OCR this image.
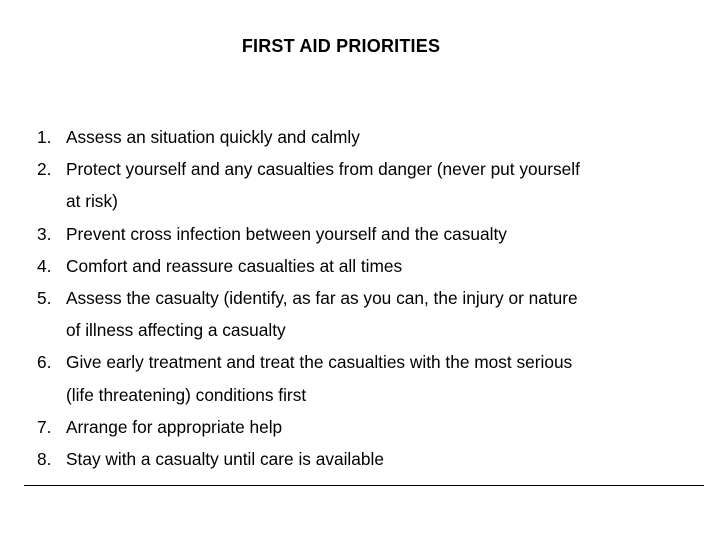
FIRST AID PRIORITIES
1. Assess an situation quickly and calmly
2. Protect yourself and any casualties from danger (never put yourself
at risk)
3. Prevent cross infection between yourself and the casualty
4. Comfort and reassure casualties at all times
5. Assess the casualty (identify, as far as you can, the injury or nature
of illness affecting a casualty
6. Give early treatment and treat the casualties with the most serious
(life threatening) conditions first
7. Arrange for appropriate help
8. Stay with a casualty until care is available
